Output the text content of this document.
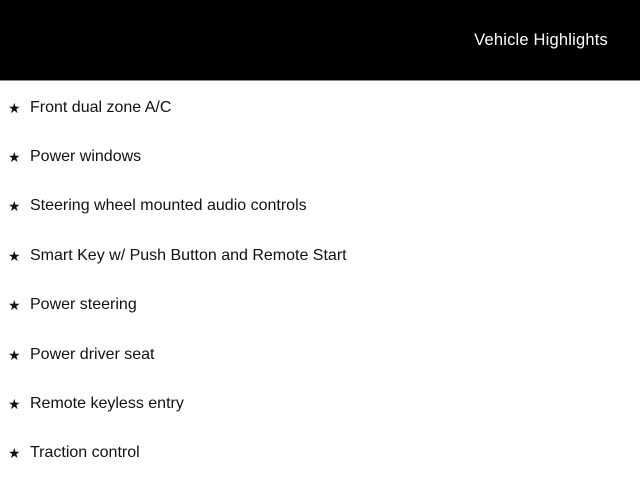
Vehicle Highlights
★ Front dual zone A/C
★ Power windows
★ Steering wheel mounted audio controls
★ Smart Key w/ Push Button and Remote Start
★ Power steering
★ Power driver seat
★ Remote keyless entry
★ Traction control
